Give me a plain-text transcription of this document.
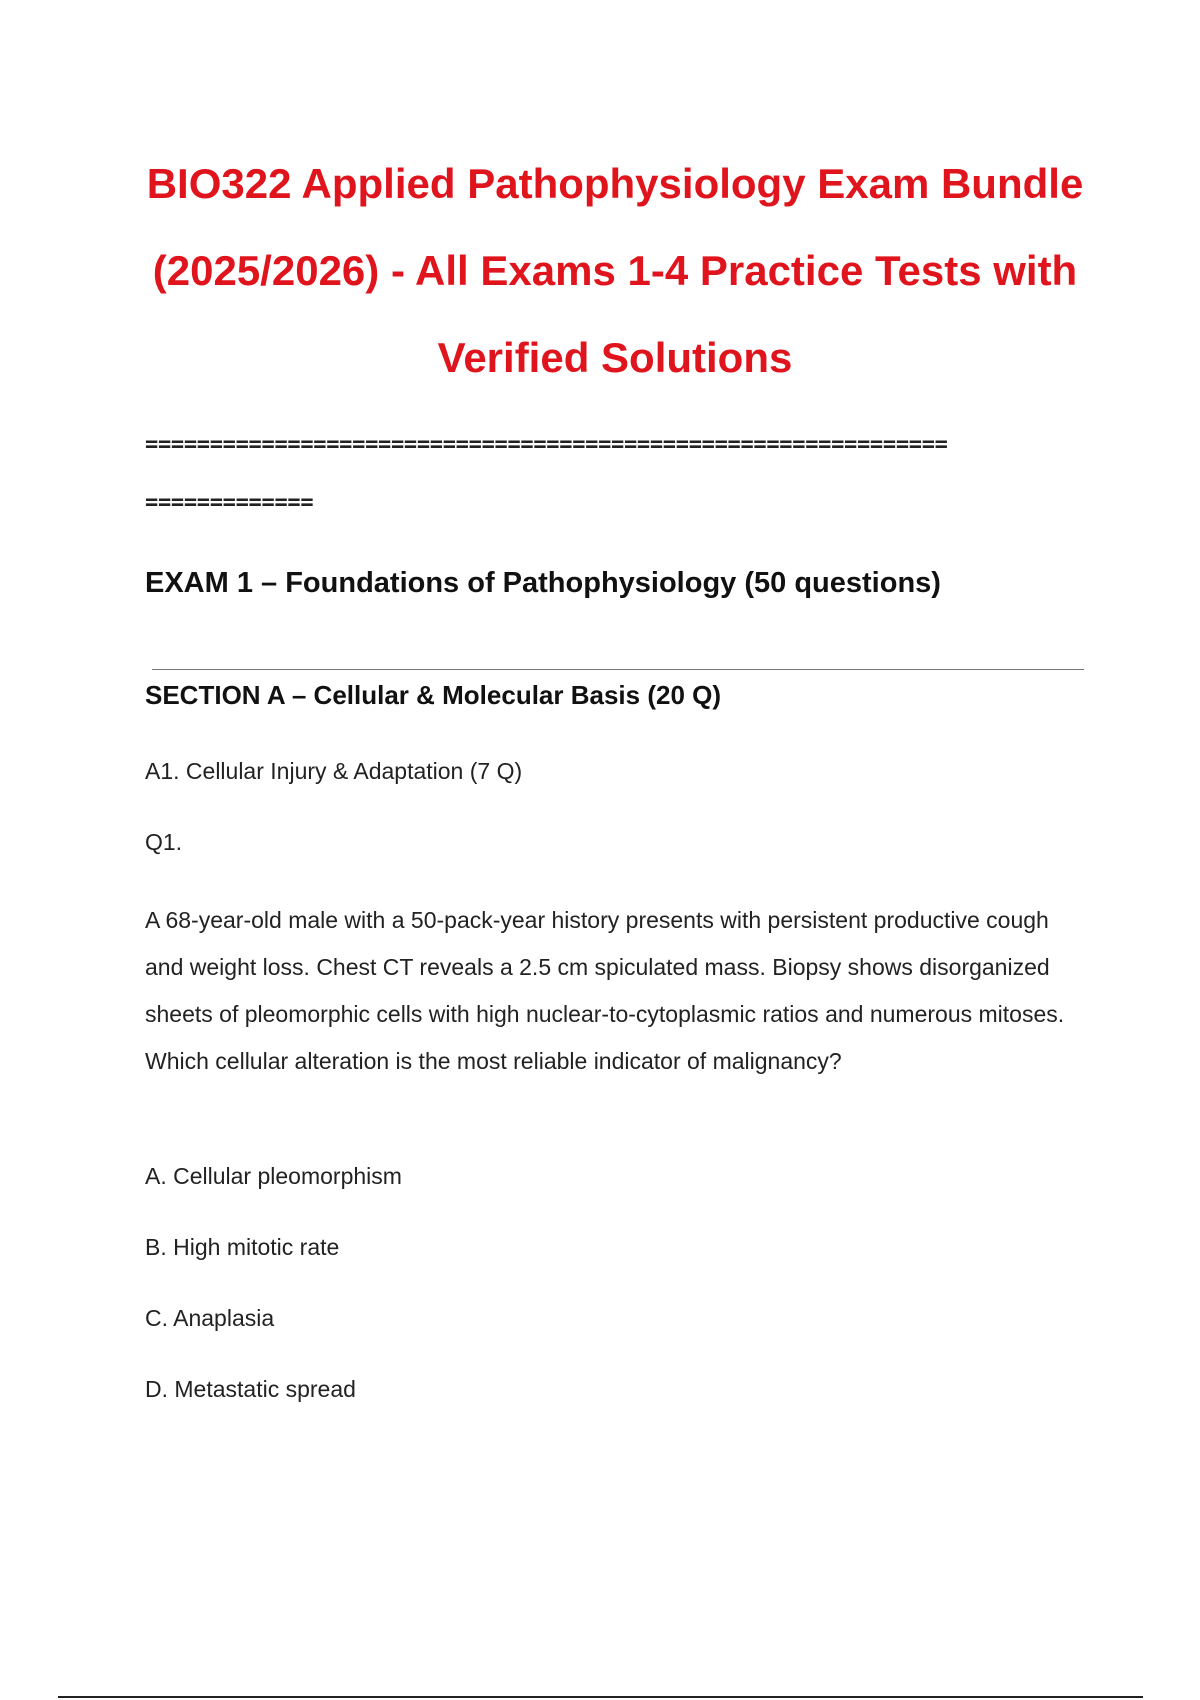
BIO322 Applied Pathophysiology Exam Bundle (2025/2026) - All Exams 1-4 Practice Tests with Verified Solutions
==============================================================
=============
EXAM 1 – Foundations of Pathophysiology (50 questions)
SECTION A – Cellular & Molecular Basis (20 Q)
A1. Cellular Injury & Adaptation (7 Q)
Q1.

A 68-year-old male with a 50-pack-year history presents with persistent productive cough and weight loss. Chest CT reveals a 2.5 cm spiculated mass. Biopsy shows disorganized sheets of pleomorphic cells with high nuclear-to-cytoplasmic ratios and numerous mitoses. Which cellular alteration is the most reliable indicator of malignancy?

A. Cellular pleomorphism
B. High mitotic rate
C. Anaplasia
D. Metastatic spread
